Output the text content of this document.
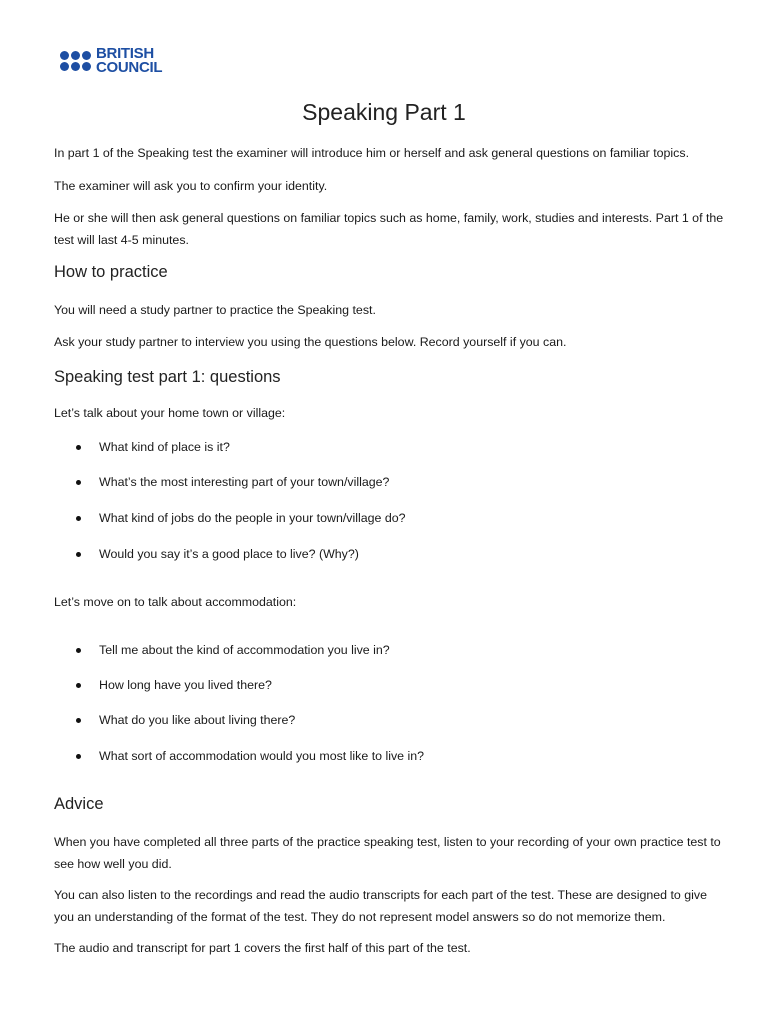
BRITISH
COUNCIL
Speaking Part 1
In part 1 of the Speaking test the examiner will introduce him or herself and ask general questions on familiar topics.
The examiner will ask you to confirm your identity.
He or she will then ask general questions on familiar topics such as home, family, work, studies and interests. Part 1 of the test will last 4-5 minutes.
How to practice
You will need a study partner to practice the Speaking test.
Ask your study partner to interview you using the questions below. Record yourself if you can.
Speaking test part 1: questions
Let’s talk about your home town or village:
What kind of place is it?
What’s the most interesting part of your town/village?
What kind of jobs do the people in your town/village do?
Would you say it’s a good place to live? (Why?)
Let’s move on to talk about accommodation:
Tell me about the kind of accommodation you live in?
How long have you lived there?
What do you like about living there?
What sort of accommodation would you most like to live in?
Advice
When you have completed all three parts of the practice speaking test, listen to your recording of your own practice test to see how well you did.
You can also listen to the recordings and read the audio transcripts for each part of the test. These are designed to give you an understanding of the format of the test. They do not represent model answers so do not memorize them.
The audio and transcript for part 1 covers the first half of this part of the test.
